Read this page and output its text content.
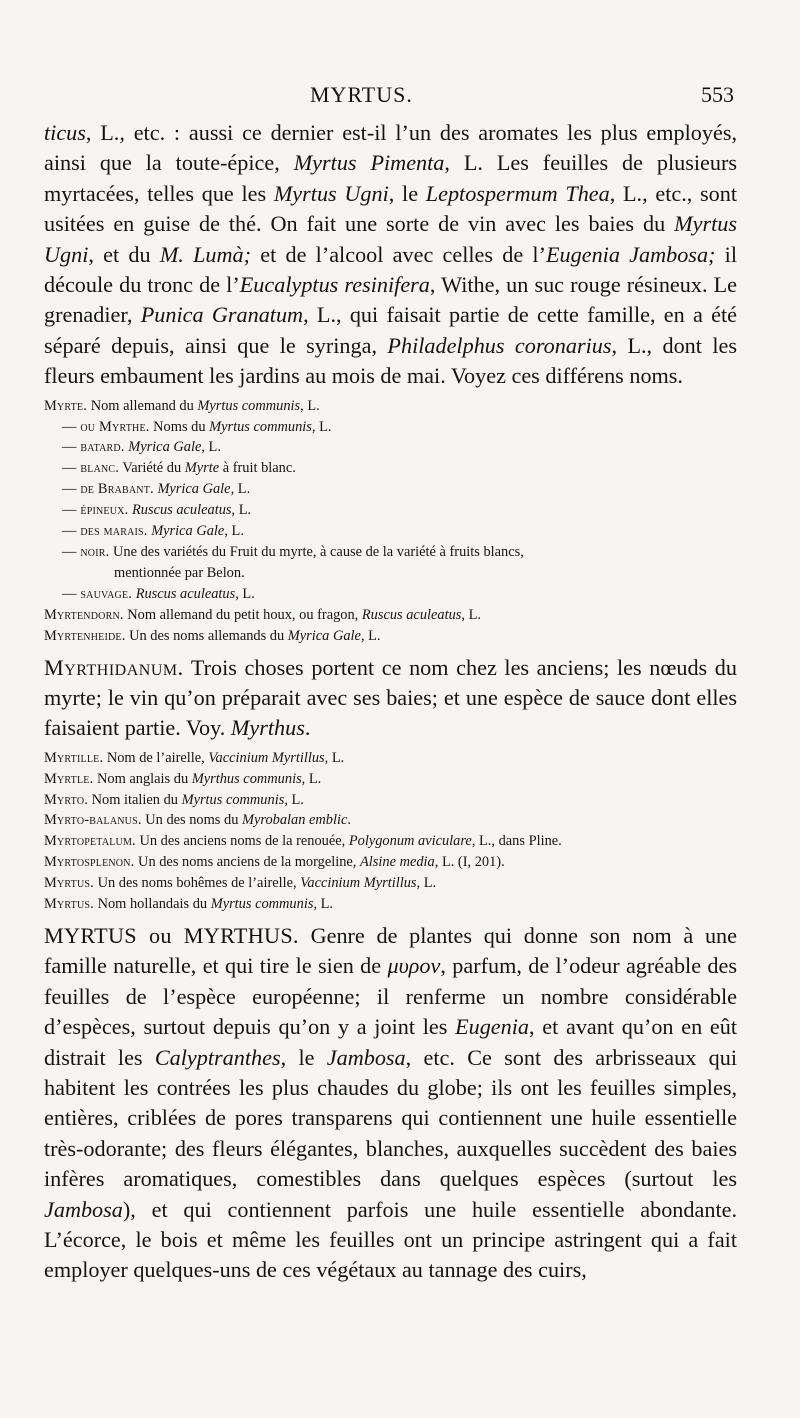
MYRTUS.	553

ticus, L., etc. : aussi ce dernier est-il l’un des aromates les plus employés, ainsi que la toute-épice, Myrtus Pimenta, L. Les feuilles de plusieurs myrtacées, telles que les Myrtus Ugni, le Leptospermum Thea, L., etc., sont usitées en guise de thé. On fait une sorte de vin avec les baies du Myrtus Ugni, et du M. Lumà; et de l’alcool avec celles de l’Eugenia Jambosa; il découle du tronc de l’Eucalyptus resinifera, Withe, un suc rouge résineux. Le grenadier, Punica Granatum, L., qui faisait partie de cette famille, en a été séparé depuis, ainsi que le syringa, Philadelphus coronarius, L., dont les fleurs embaument les jardins au mois de mai. Voyez ces différens noms.

Myrte. Nom allemand du Myrtus communis, L.
— ou Myrthe. Noms du Myrtus communis, L.
— batard. Myrica Gale, L.
— blanc. Variété du Myrte à fruit blanc.
— de Brabant. Myrica Gale, L.
— épineux. Ruscus aculeatus, L.
— des marais. Myrica Gale, L.
— noir. Une des variétés du Fruit du myrte, à cause de la variété à fruits blancs,
mentionnée par Belon.
— sauvage. Ruscus aculeatus, L.
Myrtendorn. Nom allemand du petit houx, ou fragon, Ruscus aculeatus, L.
Myrtenheide. Un des noms allemands du Myrica Gale, L.

Myrthidanum. Trois choses portent ce nom chez les anciens; les nœuds du myrte; le vin qu’on préparait avec ses baies; et une espèce de sauce dont elles faisaient partie. Voy. Myrthus.

Myrtille. Nom de l’airelle, Vaccinium Myrtillus, L.
Myrtle. Nom anglais du Myrthus communis, L.
Myrto. Nom italien du Myrtus communis, L.
Myrto-balanus. Un des noms du Myrobalan emblic.
Myrtopetalum. Un des anciens noms de la renouée, Polygonum aviculare, L., dans Pline.
Myrtosplenon. Un des noms anciens de la morgeline, Alsine media, L. (I, 201).
Myrtus. Un des noms bohêmes de l’airelle, Vaccinium Myrtillus, L.
Myrtus. Nom hollandais du Myrtus communis, L.

MYRTUS ou MYRTHUS. Genre de plantes qui donne son nom à une famille naturelle, et qui tire le sien de μυρον, parfum, de l’odeur agréable des feuilles de l’espèce européenne; il renferme un nombre considérable d’espèces, surtout depuis qu’on y a joint les Eugenia, et avant qu’on en eût distrait les Calyptranthes, le Jambosa, etc. Ce sont des arbrisseaux qui habitent les contrées les plus chaudes du globe; ils ont les feuilles simples, entières, criblées de pores transparens qui contiennent une huile essentielle très-odorante; des fleurs élégantes, blanches, auxquelles succèdent des baies infères aromatiques, comestibles dans quelques espèces (surtout les Jambosa), et qui contiennent parfois une huile essentielle abondante. L’écorce, le bois et même les feuilles ont un principe astringent qui a fait employer quelques-uns de ces végétaux au tannage des cuirs,
